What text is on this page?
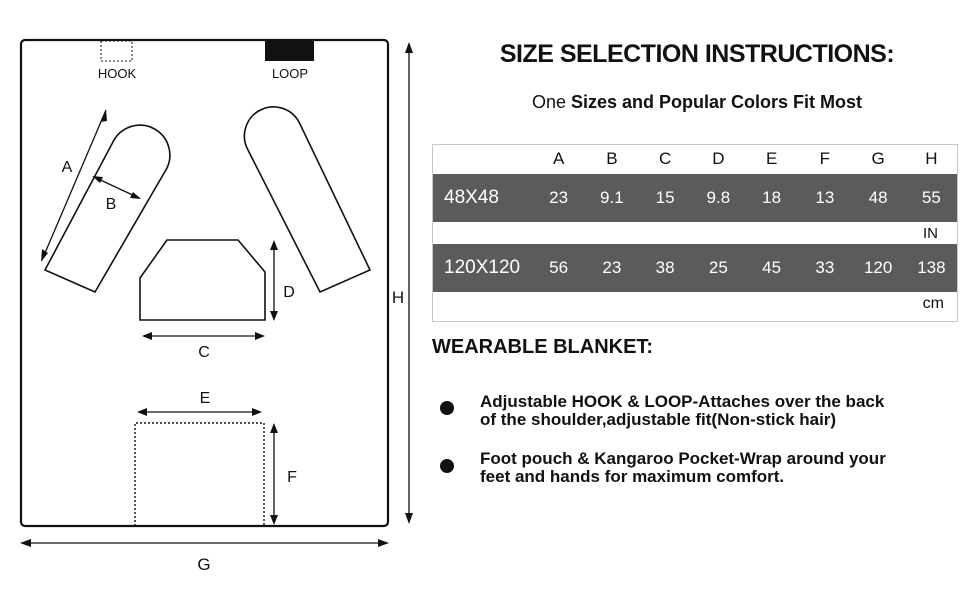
HOOK	LOOP
A
B
C
D
E
F
G
H
SIZE SELECTION INSTRUCTIONS:
One Sizes and Popular Colors Fit Most
	A	B	C	D	E	F	G	H
48X48	23	9.1	15	9.8	18	13	48	55
IN								
120X120	56	23	38	25	45	33	120	138
cm								
WEARABLE BLANKET:
Adjustable HOOK & LOOP-Attaches over the back
of the shoulder,adjustable fit(Non-stick hair)
Foot pouch & Kangaroo Pocket-Wrap around your
feet and hands for maximum comfort.
